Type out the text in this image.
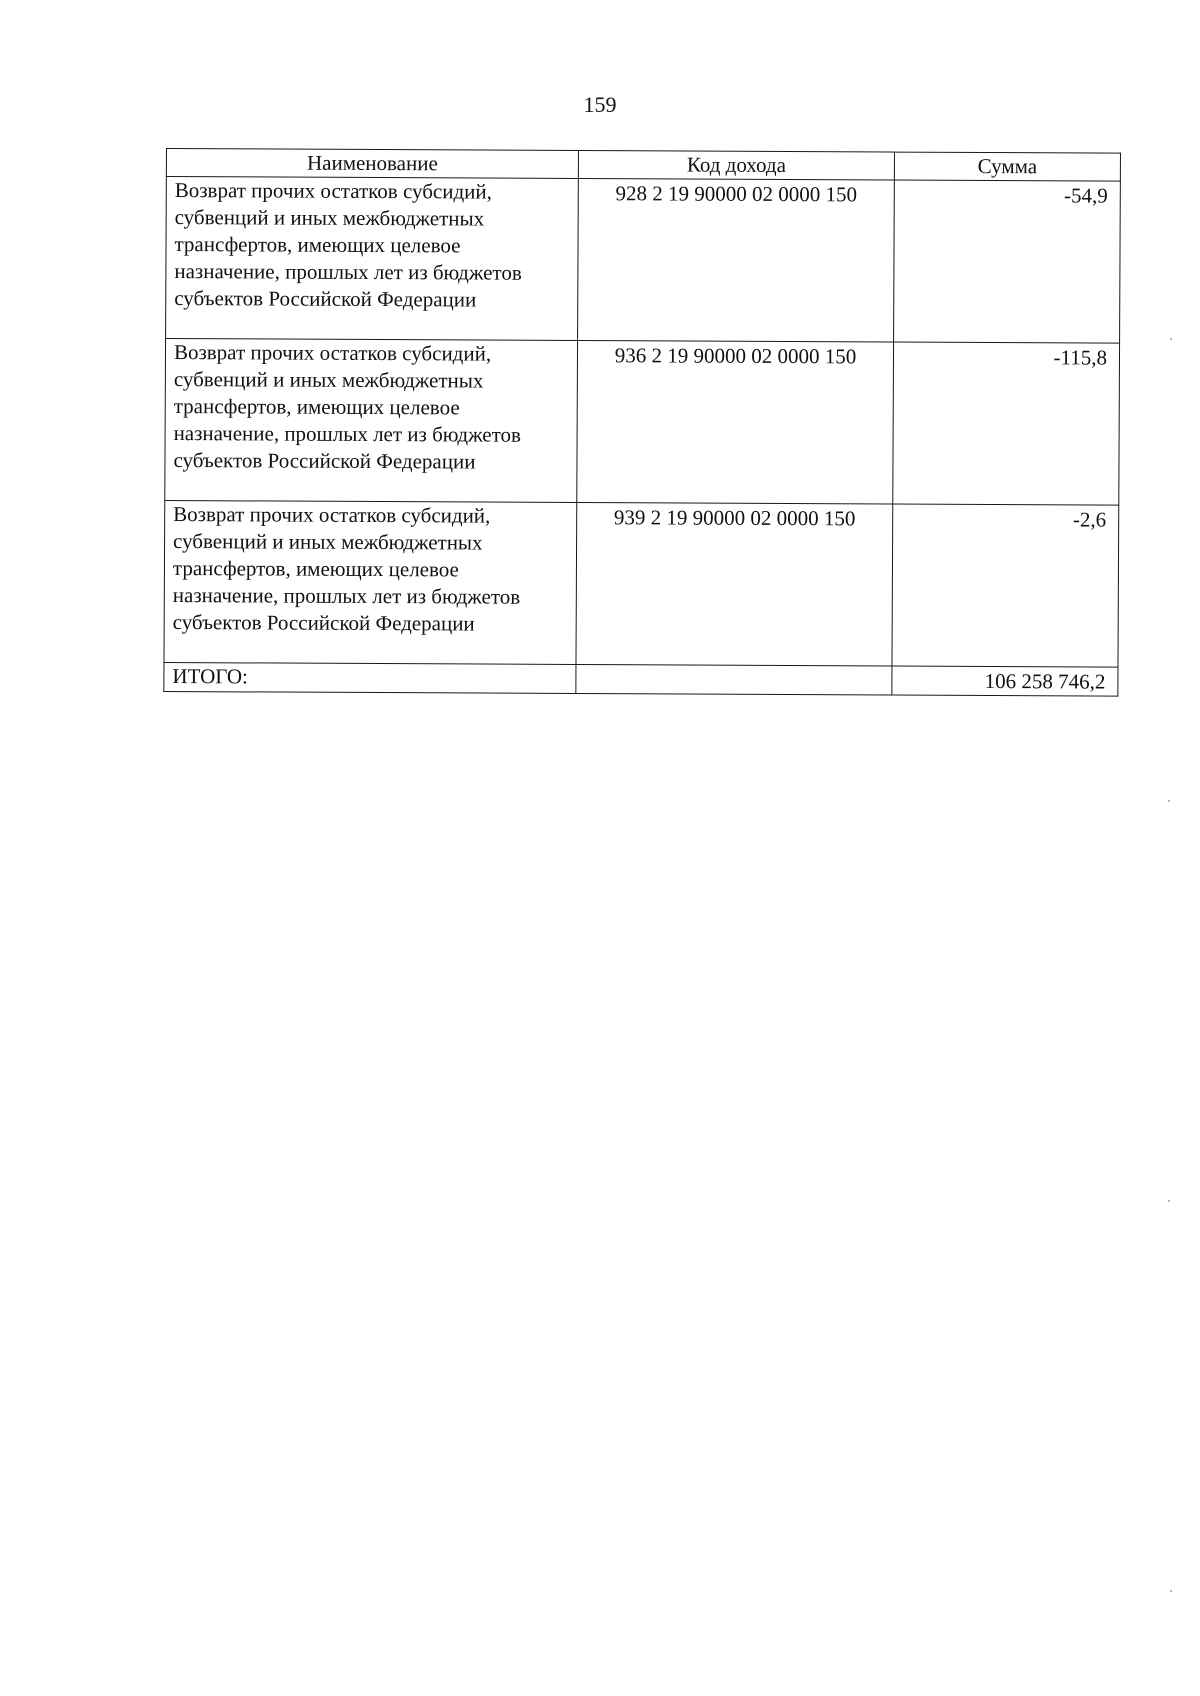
159
Наименование	Код дохода	Сумма
Возврат прочих остатков субсидий, субвенций и иных межбюджетных трансфертов, имеющих целевое назначение, прошлых лет из бюджетов субъектов Российской Федерации	928 2 19 90000 02 0000 150	-54,9
Возврат прочих остатков субсидий, субвенций и иных межбюджетных трансфертов, имеющих целевое назначение, прошлых лет из бюджетов субъектов Российской Федерации	936 2 19 90000 02 0000 150	-115,8
Возврат прочих остатков субсидий, субвенций и иных межбюджетных трансфертов, имеющих целевое назначение, прошлых лет из бюджетов субъектов Российской Федерации	939 2 19 90000 02 0000 150	-2,6
ИТОГО:		106 258 746,2
